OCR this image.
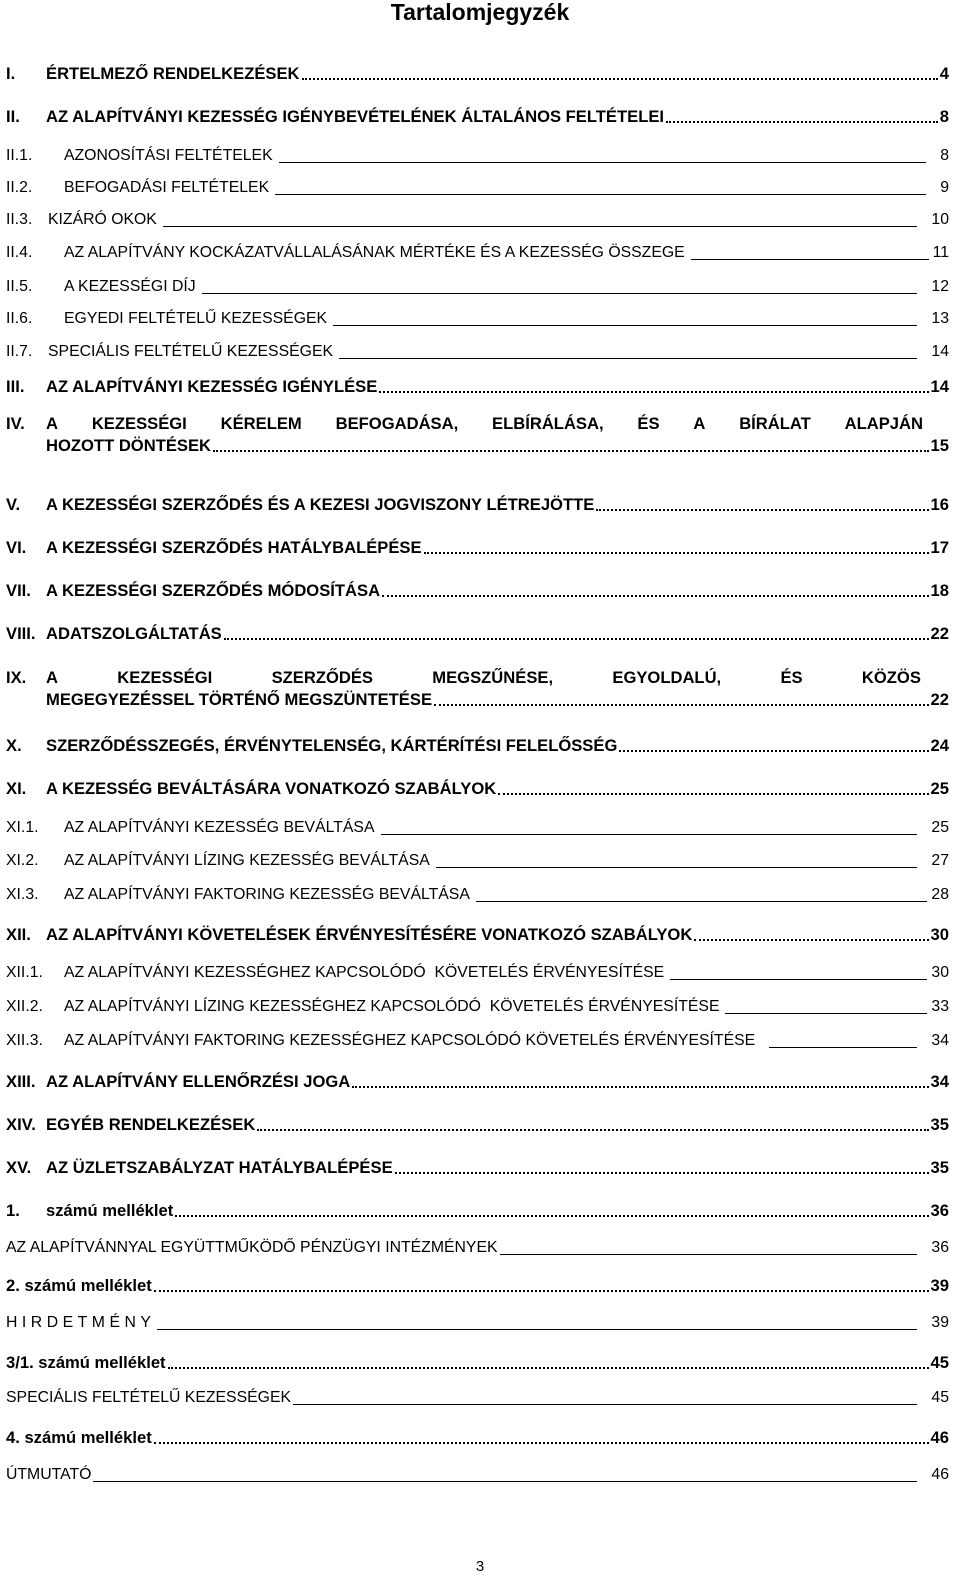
Tartalomjegyzék
I.	ÉRTELMEZŐ RENDELKEZÉSEK	4
II.	AZ ALAPÍTVÁNYI KEZESSÉG IGÉNYBEVÉTELÉNEK ÁLTALÁNOS FELTÉTELEI	8
II.1.	AZONOSÍTÁSI FELTÉTELEK	8
II.2.	BEFOGADÁSI FELTÉTELEK	9
II.3. KIZÁRÓ OKOK	10
II.4.	AZ ALAPÍTVÁNY KOCKÁZATVÁLLALÁSÁNAK MÉRTÉKE ÉS A KEZESSÉG ÖSSZEGE	11
II.5.	A KEZESSÉGI DÍJ	12
II.6.	EGYEDI FELTÉTELŰ KEZESSÉGEK	13
II.7. SPECIÁLIS FELTÉTELŰ KEZESSÉGEK	14
III.	AZ ALAPÍTVÁNYI KEZESSÉG IGÉNYLÉSE	14
IV.	A KEZESSÉGI KÉRELEM BEFOGADÁSA, ELBÍRÁLÁSA, ÉS A BÍRÁLAT ALAPJÁN
HOZOTT DÖNTÉSEK	15
V.	A KEZESSÉGI SZERZŐDÉS ÉS A KEZESI JOGVISZONY LÉTREJÖTTE	16
VI.	A KEZESSÉGI SZERZŐDÉS HATÁLYBALÉPÉSE	17
VII. A KEZESSÉGI SZERZŐDÉS MÓDOSÍTÁSA	18
VIII. ADATSZOLGÁLTATÁS	22
IX.	A	KEZESSÉGI	SZERZŐDÉS	MEGSZŰNÉSE,	EGYOLDALÚ,	ÉS	KÖZÖS
MEGEGYEZÉSSEL TÖRTÉNŐ MEGSZÜNTETÉSE	22
X.	SZERZŐDÉSSZEGÉS, ÉRVÉNYTELENSÉG, KÁRTÉRÍTÉSI FELELŐSSÉG	24
XI.	A KEZESSÉG BEVÁLTÁSÁRA VONATKOZÓ SZABÁLYOK	25
XI.1.	AZ ALAPÍTVÁNYI KEZESSÉG BEVÁLTÁSA	25
XI.2.	AZ ALAPÍTVÁNYI LÍZING KEZESSÉG BEVÁLTÁSA	27
XI.3.	AZ ALAPÍTVÁNYI FAKTORING KEZESSÉG BEVÁLTÁSA	28
XII. AZ ALAPÍTVÁNYI KÖVETELÉSEK ÉRVÉNYESÍTÉSÉRE VONATKOZÓ SZABÁLYOK	30
XII.1.	AZ ALAPÍTVÁNYI KEZESSÉGHEZ KAPCSOLÓDÓ  KÖVETELÉS ÉRVÉNYESÍTÉSE	30
XII.2.	AZ ALAPÍTVÁNYI LÍZING KEZESSÉGHEZ KAPCSOLÓDÓ  KÖVETELÉS ÉRVÉNYESÍTÉSE	33
XII.3.	AZ ALAPÍTVÁNYI FAKTORING KEZESSÉGHEZ KAPCSOLÓDÓ KÖVETELÉS ÉRVÉNYESÍTÉSE	34
XIII. AZ ALAPÍTVÁNY ELLENŐRZÉSI JOGA	34
XIV. EGYÉB RENDELKEZÉSEK	35
XV. AZ ÜZLETSZABÁLYZAT HATÁLYBALÉPÉSE	35
1.	számú melléklet	36
AZ ALAPÍTVÁNNYAL EGYÜTTMŰKÖDŐ PÉNZÜGYI INTÉZMÉNYEK	36
2. számú melléklet	39
HIRDETMÉNY	39
3/1. számú melléklet	45
SPECIÁLIS FELTÉTELŰ KEZESSÉGEK	45
4. számú melléklet	46
ÚTMUTATÓ	46
3
